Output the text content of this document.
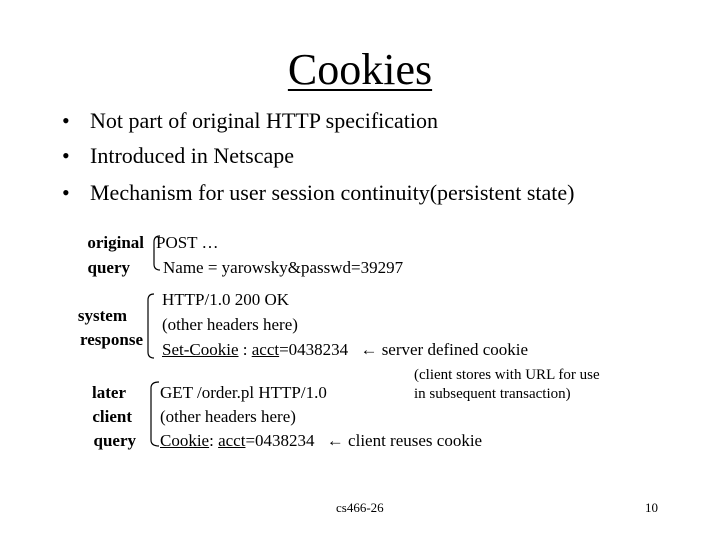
Cookies
• Not part of original HTTP specification
• Introduced in Netscape
• Mechanism for user session continuity(persistent state)
original
query
POST …
Name = yarowsky&passwd=39297
system
response
HTTP/1.0 200 OK
(other headers here)
Set-Cookie : acct=0438234 ← server defined cookie
later
client
query
GET /order.pl HTTP/1.0
(other headers here)
Cookie: acct=0438234 ← client reuses cookie
(client stores with URL for use
in subsequent transaction)
cs466-26	10
